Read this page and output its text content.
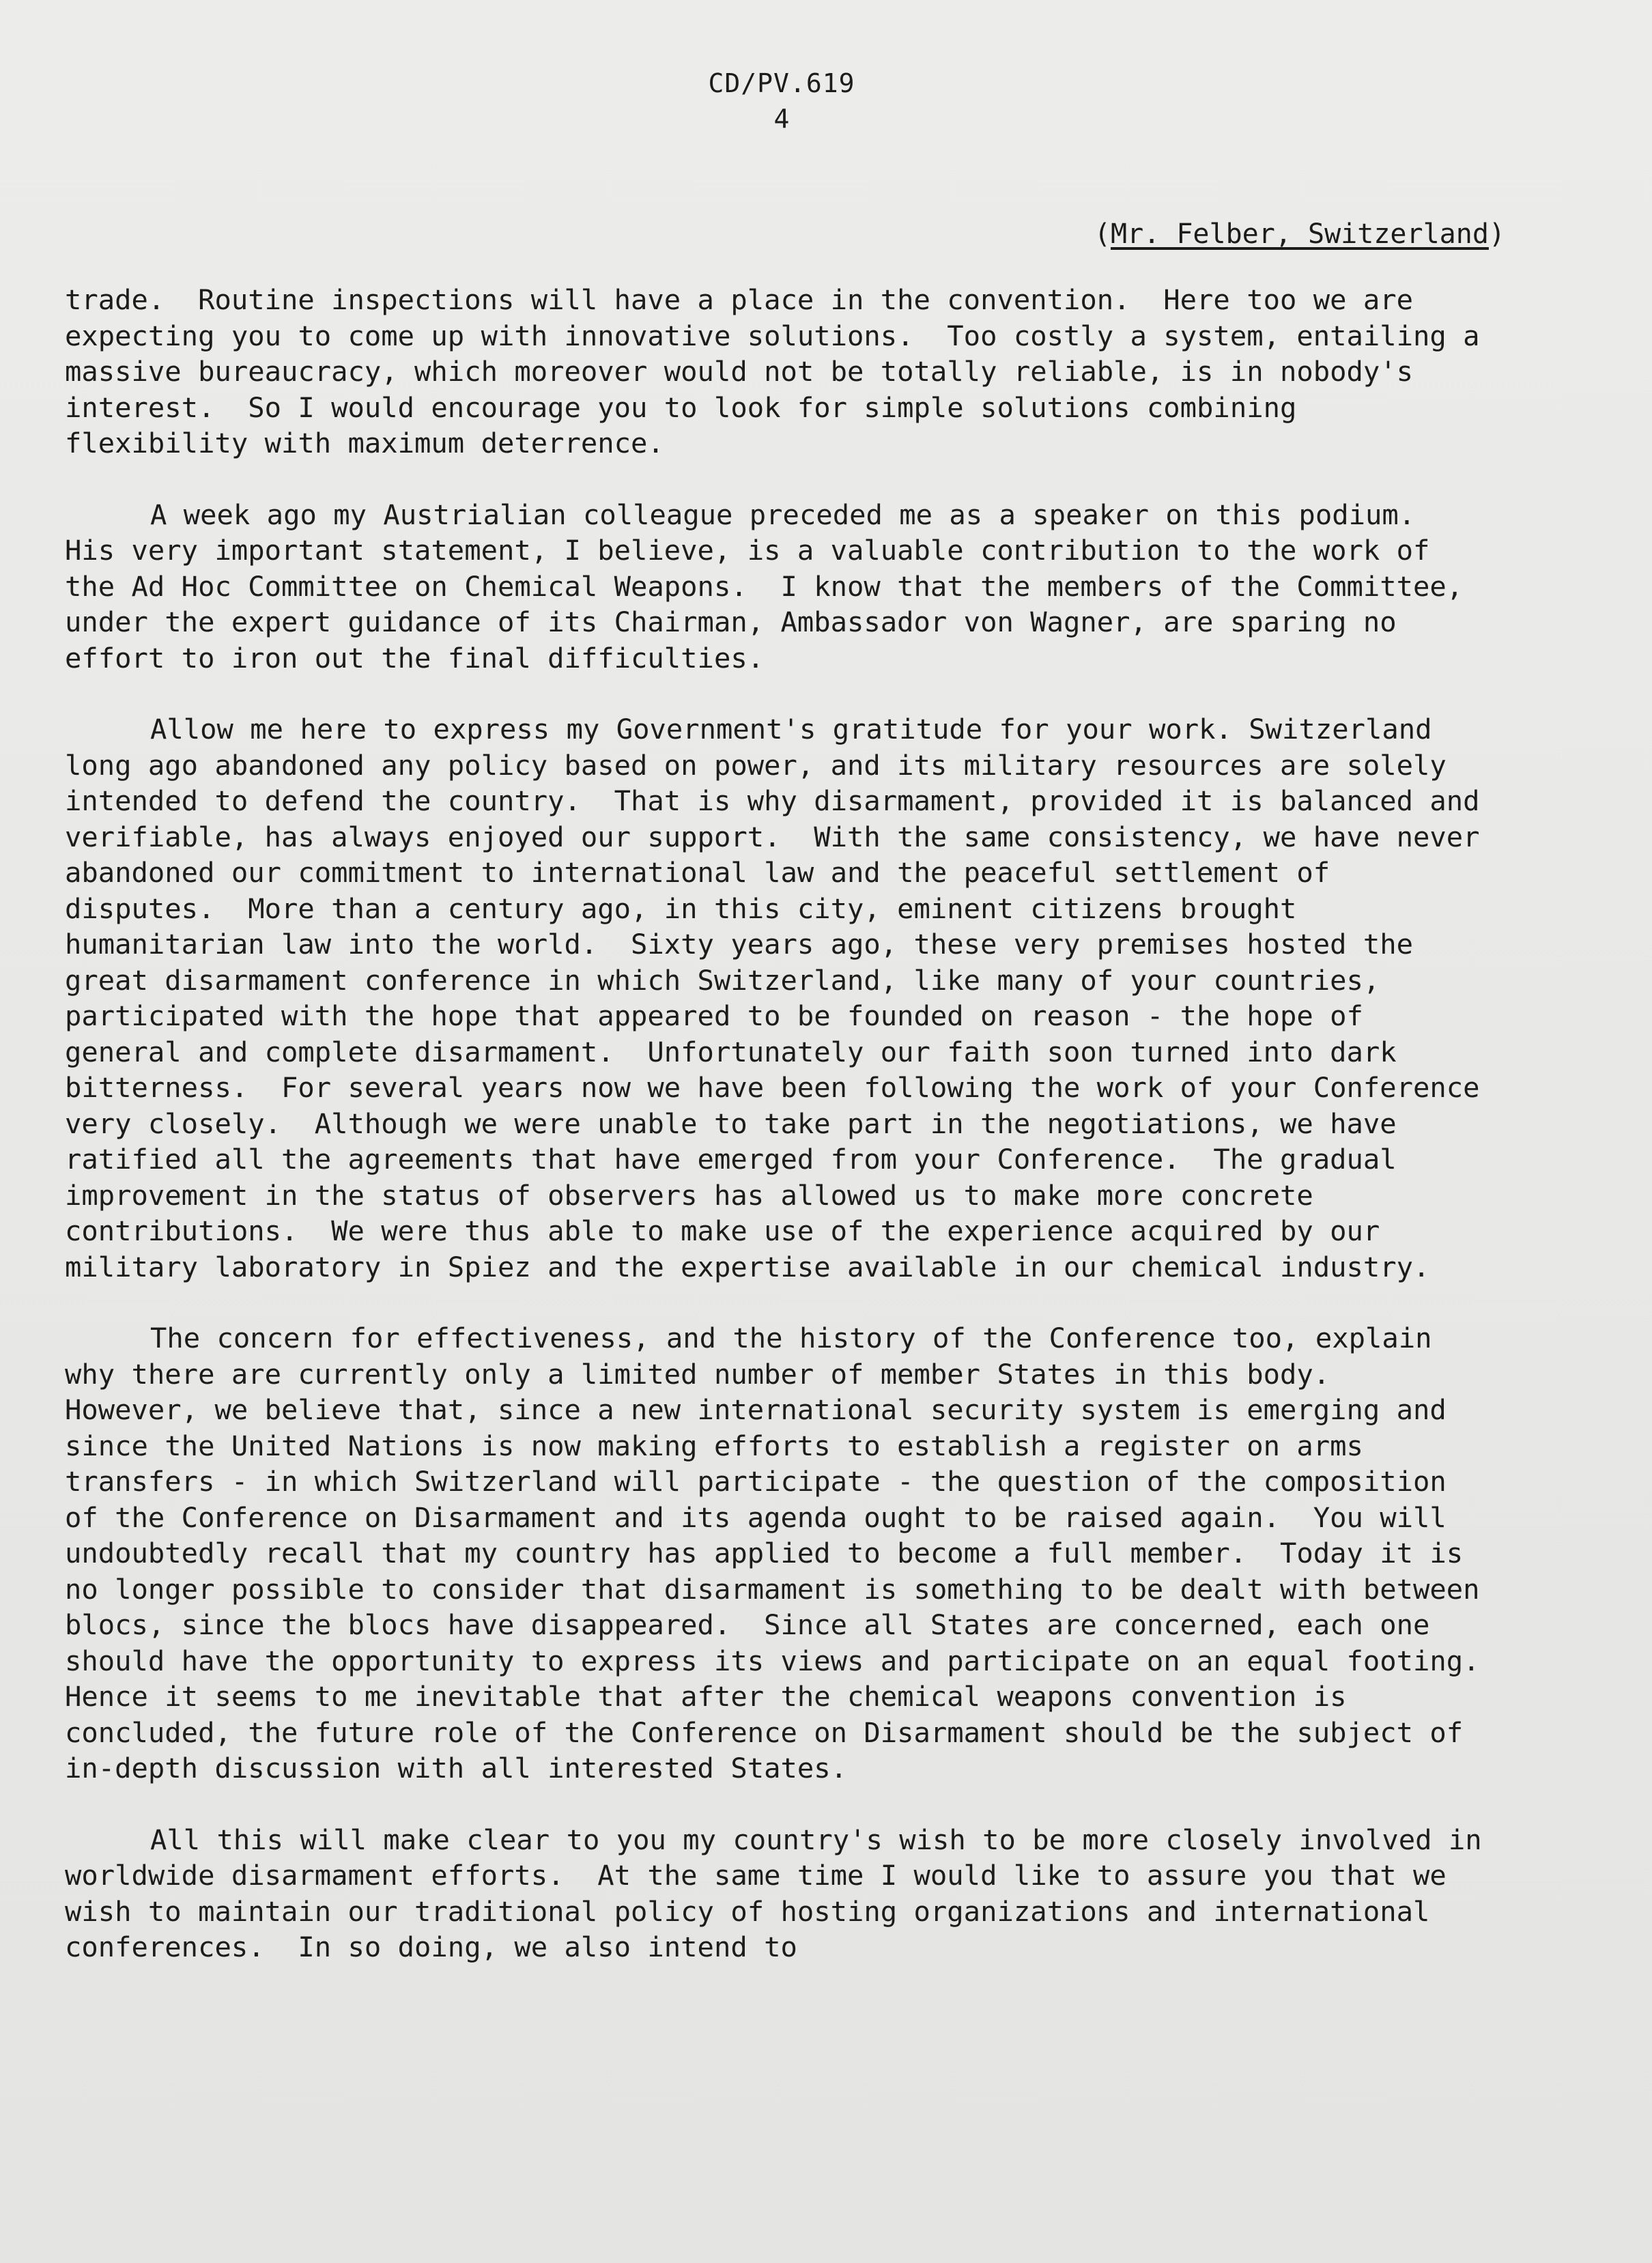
CD/PV.619
4
(Mr. Felber, Switzerland)

trade.  Routine inspections will have a place in the convention.  Here too we are expecting you to come up with innovative solutions.  Too costly a system, entailing a massive bureaucracy, which moreover would not be totally reliable, is in nobody's interest.  So I would encourage you to look for simple solutions combining flexibility with maximum deterrence.

A week ago my Austrialian colleague preceded me as a speaker on this podium.  His very important statement, I believe, is a valuable contribution to the work of the Ad Hoc Committee on Chemical Weapons.  I know that the members of the Committee, under the expert guidance of its Chairman, Ambassador von Wagner, are sparing no effort to iron out the final difficulties.

Allow me here to express my Government's gratitude for your work. Switzerland long ago abandoned any policy based on power, and its military resources are solely intended to defend the country.  That is why disarmament, provided it is balanced and verifiable, has always enjoyed our support.  With the same consistency, we have never abandoned our commitment to international law and the peaceful settlement of disputes.  More than a century ago, in this city, eminent citizens brought humanitarian law into the world.  Sixty years ago, these very premises hosted the great disarmament conference in which Switzerland, like many of your countries, participated with the hope that appeared to be founded on reason - the hope of general and complete disarmament.  Unfortunately our faith soon turned into dark bitterness.  For several years now we have been following the work of your Conference very closely.  Although we were unable to take part in the negotiations, we have ratified all the agreements that have emerged from your Conference.  The gradual improvement in the status of observers has allowed us to make more concrete contributions.  We were thus able to make use of the experience acquired by our military laboratory in Spiez and the expertise available in our chemical industry.

The concern for effectiveness, and the history of the Conference too, explain why there are currently only a limited number of member States in this body.  However, we believe that, since a new international security system is emerging and since the United Nations is now making efforts to establish a register on arms transfers - in which Switzerland will participate - the question of the composition of the Conference on Disarmament and its agenda ought to be raised again.  You will undoubtedly recall that my country has applied to become a full member.  Today it is no longer possible to consider that disarmament is something to be dealt with between blocs, since the blocs have disappeared.  Since all States are concerned, each one should have the opportunity to express its views and participate on an equal footing.  Hence it seems to me inevitable that after the chemical weapons convention is concluded, the future role of the Conference on Disarmament should be the subject of in-depth discussion with all interested States.

All this will make clear to you my country's wish to be more closely involved in worldwide disarmament efforts.  At the same time I would like to assure you that we wish to maintain our traditional policy of hosting organizations and international conferences.  In so doing, we also intend to
